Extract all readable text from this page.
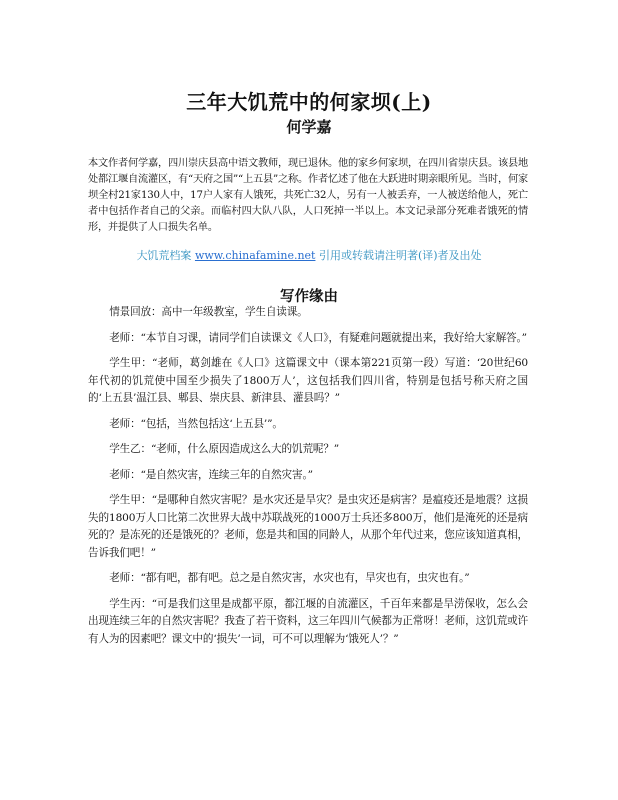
三年大饥荒中的何家坝(上)
何学嘉
本文作者何学嘉，四川崇庆县高中语文教师，现已退休。他的家乡何家坝，在四川省崇庆县。该县地处都江堰自流灌区，有“天府之国”“上五县”之称。作者忆述了他在大跃进时期亲眼所见。当时，何家坝全村21家130人中，17户人家有人饿死，共死亡32人，另有一人被丢弃，一人被送给他人，死亡者中包括作者自己的父亲。而临村四大队八队，人口死掉一半以上。本文记录部分死难者饿死的情形，并提供了人口损失名单。
大饥荒档案 www.chinafamine.net 引用或转载请注明著(译)者及出处
写作缘由

情景回放：高中一年级教室，学生自读课。

老师：“本节自习课，请同学们自读课文《人口》，有疑难问题就提出来，我好给大家解答。”

学生甲：“老师，葛剑雄在《人口》这篇课文中（课本第221页第一段）写道：‘20世纪60年代初的饥荒使中国至少损失了1800万人’，这包括我们四川省，特别是包括号称天府之国的‘上五县’温江县、郫县、崇庆县、新津县、灌县吗？”

老师：“包括，当然包括这‘上五县’”。

学生乙：“老师，什么原因造成这么大的饥荒呢？”

老师：“是自然灾害，连续三年的自然灾害。”

学生甲：“是哪种自然灾害呢？是水灾还是旱灾？是虫灾还是病害？是瘟疫还是地震？这损失的1800万人口比第二次世界大战中苏联战死的1000万士兵还多800万，他们是淹死的还是病死的？是冻死的还是饿死的？老师，您是共和国的同龄人，从那个年代过来，您应该知道真相，告诉我们吧！”

老师：“都有吧，都有吧。总之是自然灾害，水灾也有，旱灾也有，虫灾也有。”

学生丙：“可是我们这里是成都平原，都江堰的自流灌区，千百年来都是旱涝保收，怎么会出现连续三年的自然灾害呢？我查了若干资料，这三年四川气候都为正常呀！老师，这饥荒或许有人为的因素吧？课文中的‘损失’一词，可不可以理解为‘饿死人’？”
